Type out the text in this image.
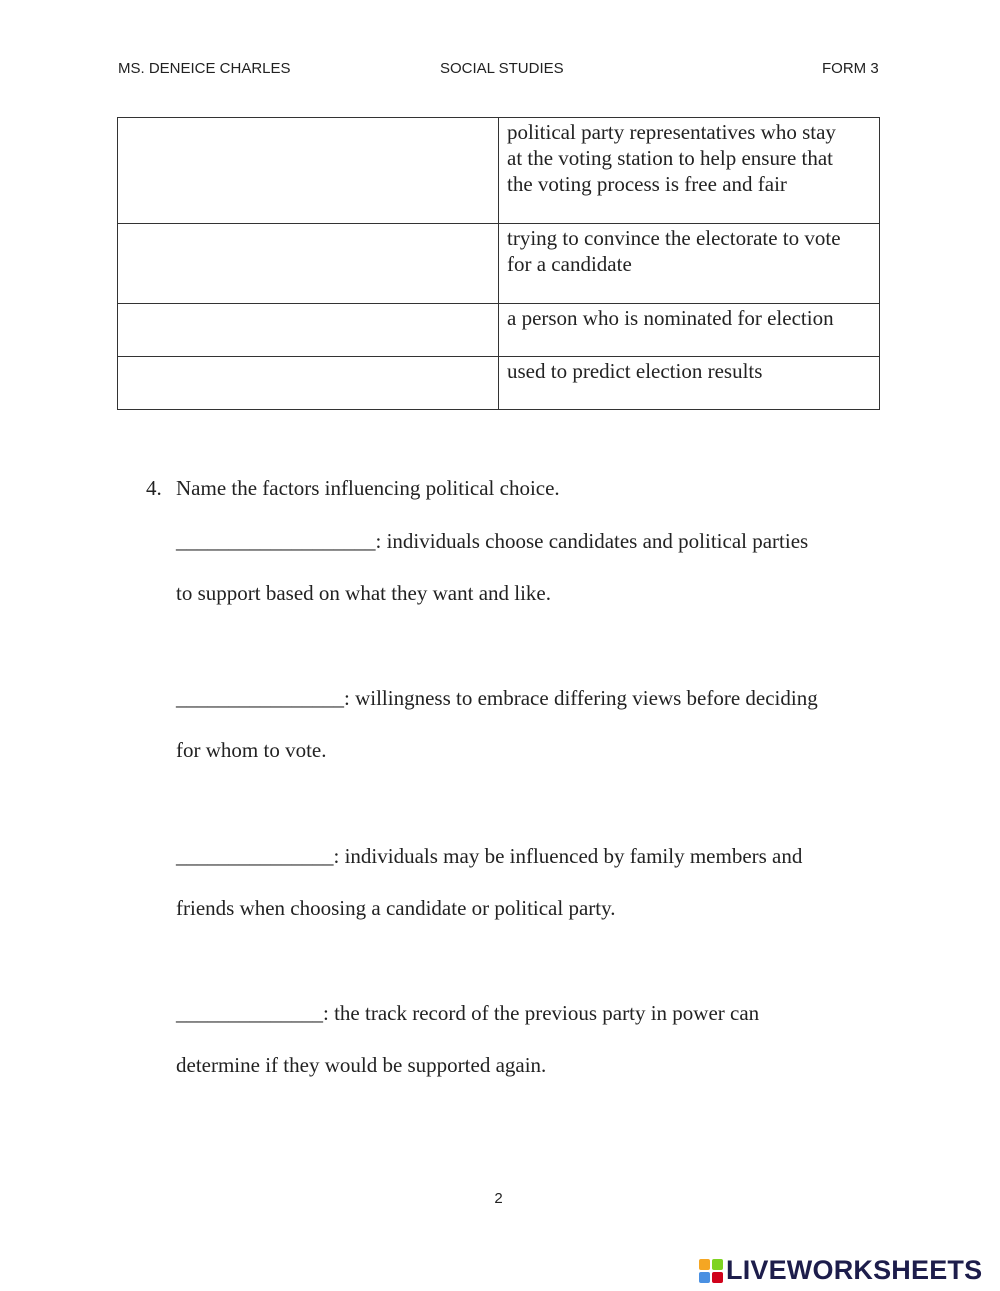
MS. DENEICE CHARLES	SOCIAL STUDIES	FORM 3

	political party representatives who stay
at the voting station to help ensure that
the voting process is free and fair

	trying to convince the electorate to vote
for a candidate

	a person who is nominated for election

	used to predict election results
4. Name the factors influencing political choice.
___________________: individuals choose candidates and political parties
to support based on what they want and like.
________________: willingness to embrace differing views before deciding
for whom to vote.
_______________: individuals may be influenced by family members and
friends when choosing a candidate or political party.
______________: the track record of the previous party in power can
determine if they would be supported again.
2
LIVEWORKSHEETS
